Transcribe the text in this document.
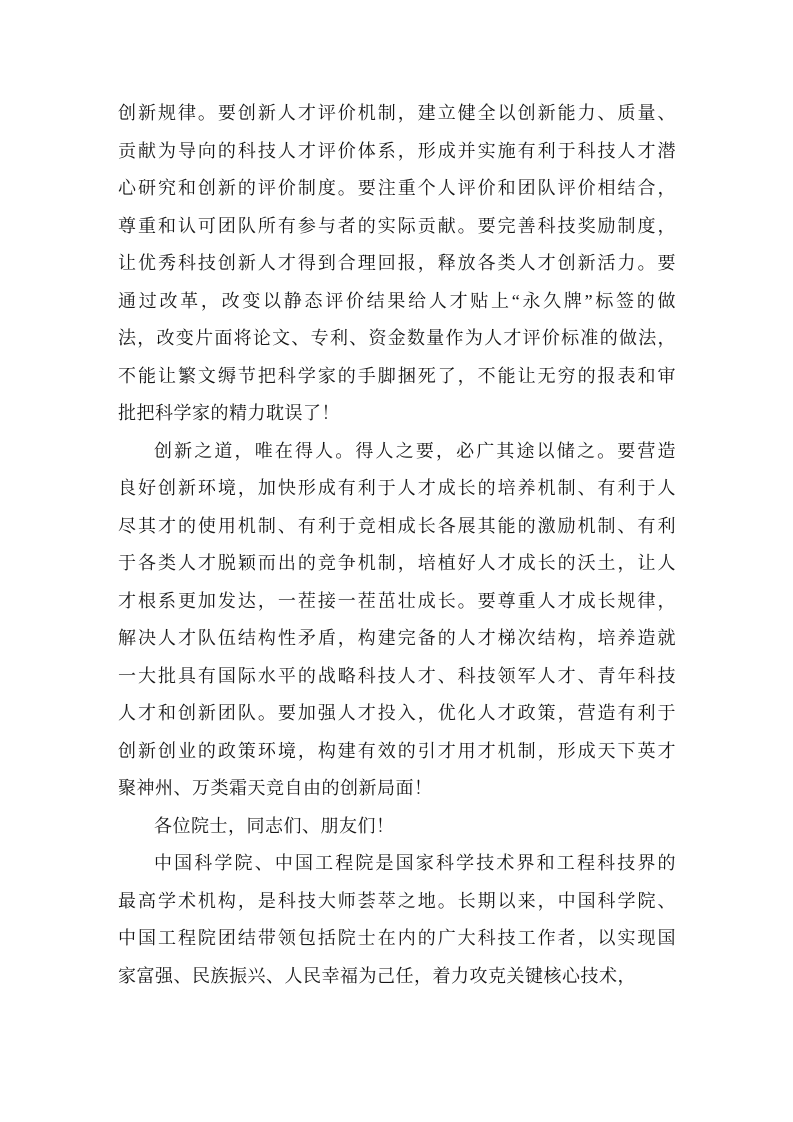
创新规律。要创新人才评价机制，建立健全以创新能力、质量、
贡献为导向的科技人才评价体系，形成并实施有利于科技人才潜
心研究和创新的评价制度。要注重个人评价和团队评价相结合，
尊重和认可团队所有参与者的实际贡献。要完善科技奖励制度，
让优秀科技创新人才得到合理回报，释放各类人才创新活力。要
通过改革，改变以静态评价结果给人才贴上“永久牌”标签的做
法，改变片面将论文、专利、资金数量作为人才评价标准的做法，
不能让繁文缛节把科学家的手脚捆死了，不能让无穷的报表和审
批把科学家的精力耽误了！
创新之道，唯在得人。得人之要，必广其途以储之。要营造
良好创新环境，加快形成有利于人才成长的培养机制、有利于人
尽其才的使用机制、有利于竞相成长各展其能的激励机制、有利
于各类人才脱颖而出的竞争机制，培植好人才成长的沃土，让人
才根系更加发达，一茬接一茬茁壮成长。要尊重人才成长规律，
解决人才队伍结构性矛盾，构建完备的人才梯次结构，培养造就
一大批具有国际水平的战略科技人才、科技领军人才、青年科技
人才和创新团队。要加强人才投入，优化人才政策，营造有利于
创新创业的政策环境，构建有效的引才用才机制，形成天下英才
聚神州、万类霜天竞自由的创新局面！
各位院士，同志们、朋友们！
中国科学院、中国工程院是国家科学技术界和工程科技界的
最高学术机构，是科技大师荟萃之地。长期以来，中国科学院、
中国工程院团结带领包括院士在内的广大科技工作者，以实现国
家富强、民族振兴、人民幸福为己任，着力攻克关键核心技术，
